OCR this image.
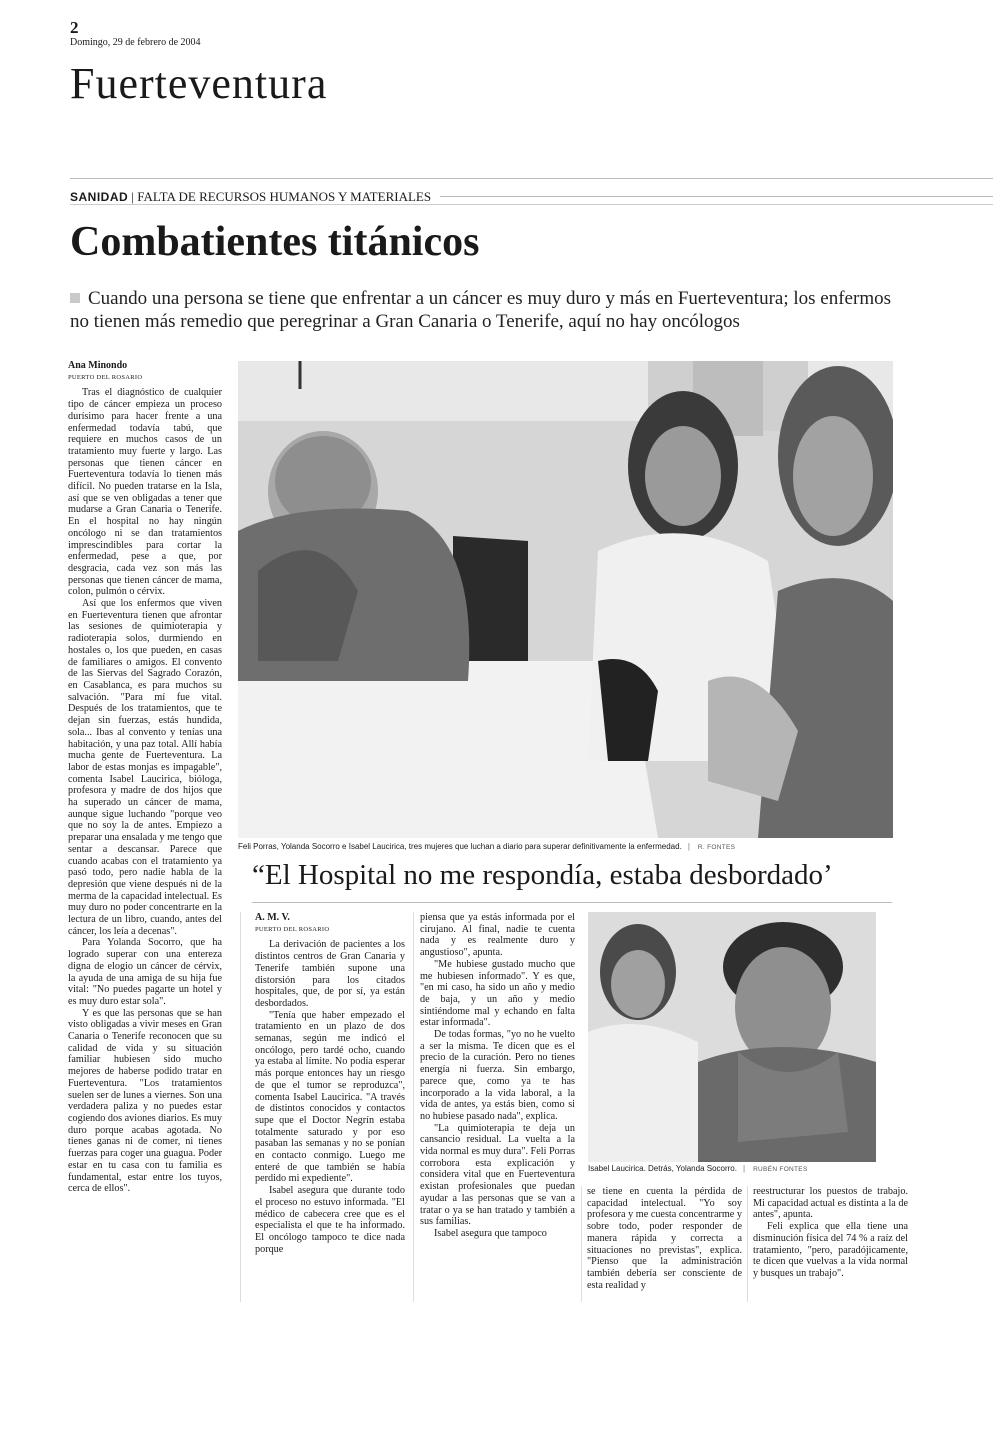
2
Domingo, 29 de febrero de 2004
Fuerteventura
SANIDAD | FALTA DE RECURSOS HUMANOS Y MATERIALES
Combatientes titánicos
Cuando una persona se tiene que enfrentar a un cáncer es muy duro y más en Fuerteventura; los enfermos no tienen más remedio que peregrinar a Gran Canaria o Tenerife, aquí no hay oncólogos
Ana Minondo
PUERTO DEL ROSARIO

Tras el diagnóstico de cualquier tipo de cáncer empieza un proceso durísimo para hacer frente a una enfermedad todavía tabú, que requiere en muchos casos de un tratamiento muy fuerte y largo. Las personas que tienen cáncer en Fuerteventura todavía lo tienen más difícil. No pueden tratarse en la Isla, así que se ven obligadas a tener que mudarse a Gran Canaria o Tenerife. En el hospital no hay ningún oncólogo ni se dan tratamientos imprescindibles para cortar la enfermedad, pese a que, por desgracia, cada vez son más las personas que tienen cáncer de mama, colon, pulmón o cérvix.

Así que los enfermos que viven en Fuerteventura tienen que afrontar las sesiones de quimioterapia y radioterapia solos, durmiendo en hostales o, los que pueden, en casas de familiares o amigos. El convento de las Siervas del Sagrado Corazón, en Casablanca, es para muchos su salvación. "Para mí fue vital. Después de los tratamientos, que te dejan sin fuerzas, estás hundida, sola... Ibas al convento y tenías una habitación, y una paz total. Allí había mucha gente de Fuerteventura. La labor de estas monjas es impagable", comenta Isabel Laucirica, bióloga, profesora y madre de dos hijos que ha superado un cáncer de mama, aunque sigue luchando "porque veo que no soy la de antes. Empiezo a preparar una ensalada y me tengo que sentar a descansar. Parece que cuando acabas con el tratamiento ya pasó todo, pero nadie habla de la depresión que viene después ni de la merma de la capacidad intelectual. Es muy duro no poder concentrarte en la lectura de un libro, cuando, antes del cáncer, los leía a decenas".

Para Yolanda Socorro, que ha logrado superar con una entereza digna de elogio un cáncer de cérvix, la ayuda de una amiga de su hija fue vital: "No puedes pagarte un hotel y es muy duro estar sola".

Y es que las personas que se han visto obligadas a vivir meses en Gran Canaria o Tenerife reconocen que su calidad de vida y su situación familiar hubiesen sido mucho mejores de haberse podido tratar en Fuerteventura. "Los tratamientos suelen ser de lunes a viernes. Son una verdadera paliza y no puedes estar cogiendo dos aviones diarios. Es muy duro porque acabas agotada. No tienes ganas ni de comer, ni tienes fuerzas para coger una guagua. Poder estar en tu casa con tu familia es fundamental, estar entre los tuyos, cerca de ellos".

Feli Porras, Yolanda Socorro e Isabel Laucirica, tres mujeres que luchan a diario para superar definitivamente la enfermedad. | R. FONTES
“El Hospital no me respondía, estaba desbordado’
A. M. V.
PUERTO DEL ROSARIO

La derivación de pacientes a los distintos centros de Gran Canaria y Tenerife también supone una distorsión para los citados hospitales, que, de por sí, ya están desbordados.

"Tenía que haber empezado el tratamiento en un plazo de dos semanas, según me indicó el oncólogo, pero tardé ocho, cuando ya estaba al límite. No podía esperar más porque entonces hay un riesgo de que el tumor se reproduzca", comenta Isabel Laucirica. "A través de distintos conocidos y contactos supe que el Doctor Negrín estaba totalmente saturado y por eso pasaban las semanas y no se ponían en contacto conmigo. Luego me enteré de que también se había perdido mi expediente".

Isabel asegura que durante todo el proceso no estuvo informada. "El médico de cabecera cree que es el especialista el que te ha informado. El oncólogo tampoco te dice nada porque

piensa que ya estás informada por el cirujano. Al final, nadie te cuenta nada y es realmente duro y angustioso", apunta.

"Me hubiese gustado mucho que me hubiesen informado". Y es que, "en mi caso, ha sido un año y medio de baja, y un año y medio sintiéndome mal y echando en falta estar informada".

De todas formas, "yo no he vuelto a ser la misma. Te dicen que es el precio de la curación. Pero no tienes energía ni fuerza. Sin embargo, parece que, como ya te has incorporado a la vida laboral, a la vida de antes, ya estás bien, como si no hubiese pasado nada", explica.

"La quimioterapia te deja un cansancio residual. La vuelta a la vida normal es muy dura". Feli Porras corrobora esta explicación y considera vital que en Fuerteventura existan profesionales que puedan ayudar a las personas que se van a tratar o ya se han tratado y también a sus familias.

Isabel asegura que tampoco

Isabel Laucirica. Detrás, Yolanda Socorro. | RUBÉN FONTES

se tiene en cuenta la pérdida de capacidad intelectual. "Yo soy profesora y me cuesta concentrarme y sobre todo, poder responder de manera rápida y correcta a situaciones no previstas", explica. "Pienso que la administración también debería ser consciente de esta realidad y

reestructurar los puestos de trabajo. Mi capacidad actual es distinta a la de antes", apunta.

Feli explica que ella tiene una disminución física del 74 % a raíz del tratamiento, "pero, paradójicamente, te dicen que vuelvas a la vida normal y busques un trabajo".
